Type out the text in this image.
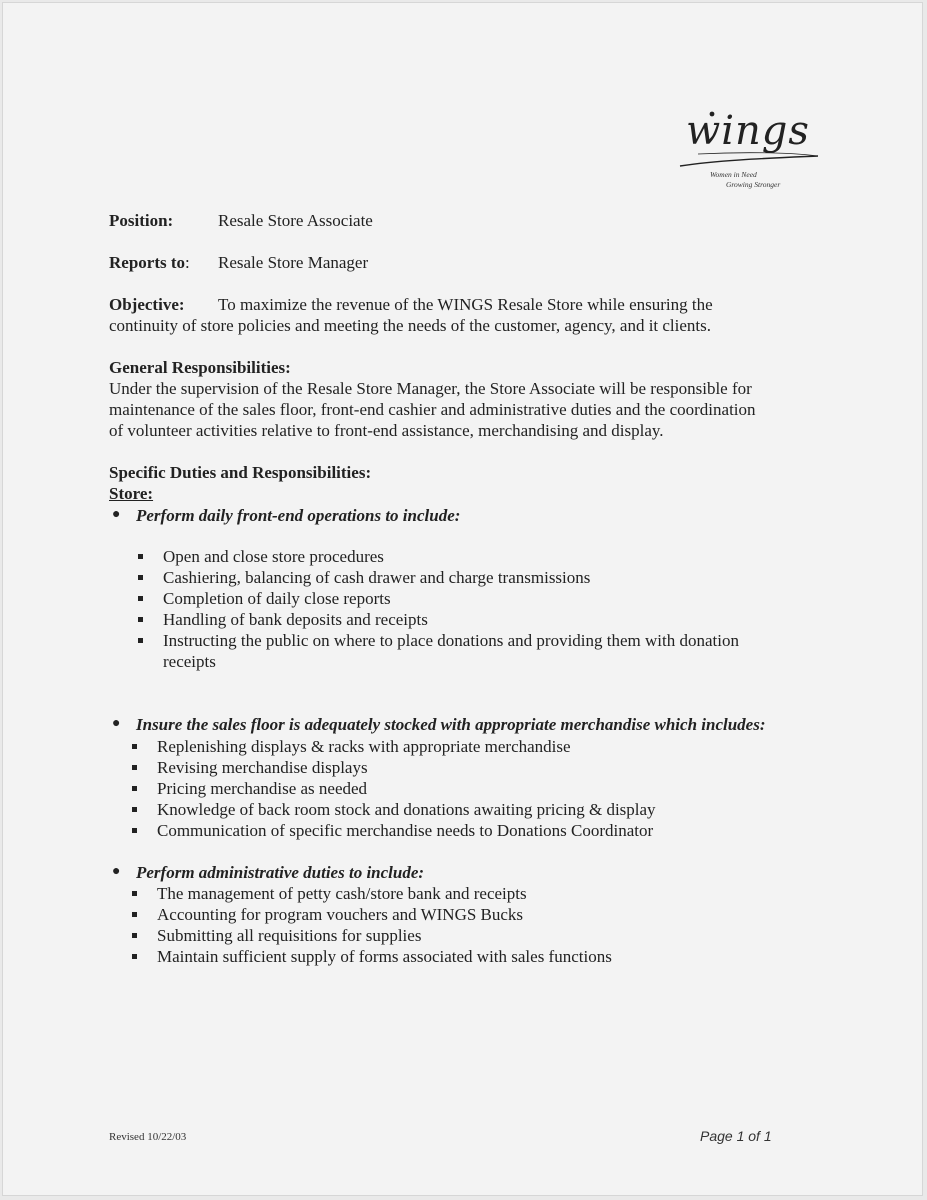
wings
Women in Need
Growing Stronger
Position:	Resale Store Associate
Reports to: Resale Store Manager
Objective: To maximize the revenue of the WINGS Resale Store while ensuring the
continuity of store policies and meeting the needs of the customer, agency, and it clients.
General Responsibilities:
Under the supervision of the Resale Store Manager, the Store Associate will be responsible for
maintenance of the sales floor, front-end cashier and administrative duties and the coordination
of volunteer activities relative to front-end assistance, merchandising and display.
Specific Duties and Responsibilities:
Store:
● Perform daily front-end operations to include:
Open and close store procedures
Cashiering, balancing of cash drawer and charge transmissions
Completion of daily close reports
Handling of bank deposits and receipts
Instructing the public on where to place donations and providing them with donation
receipts
● Insure the sales floor is adequately stocked with appropriate merchandise which includes:
Replenishing displays & racks with appropriate merchandise
Revising merchandise displays
Pricing merchandise as needed
Knowledge of back room stock and donations awaiting pricing & display
Communication of specific merchandise needs to Donations Coordinator
● Perform administrative duties to include:
The management of petty cash/store bank and receipts
Accounting for program vouchers and WINGS Bucks
Submitting all requisitions for supplies
Maintain sufficient supply of forms associated with sales functions
Revised 10/22/03	Page 1 of 1
